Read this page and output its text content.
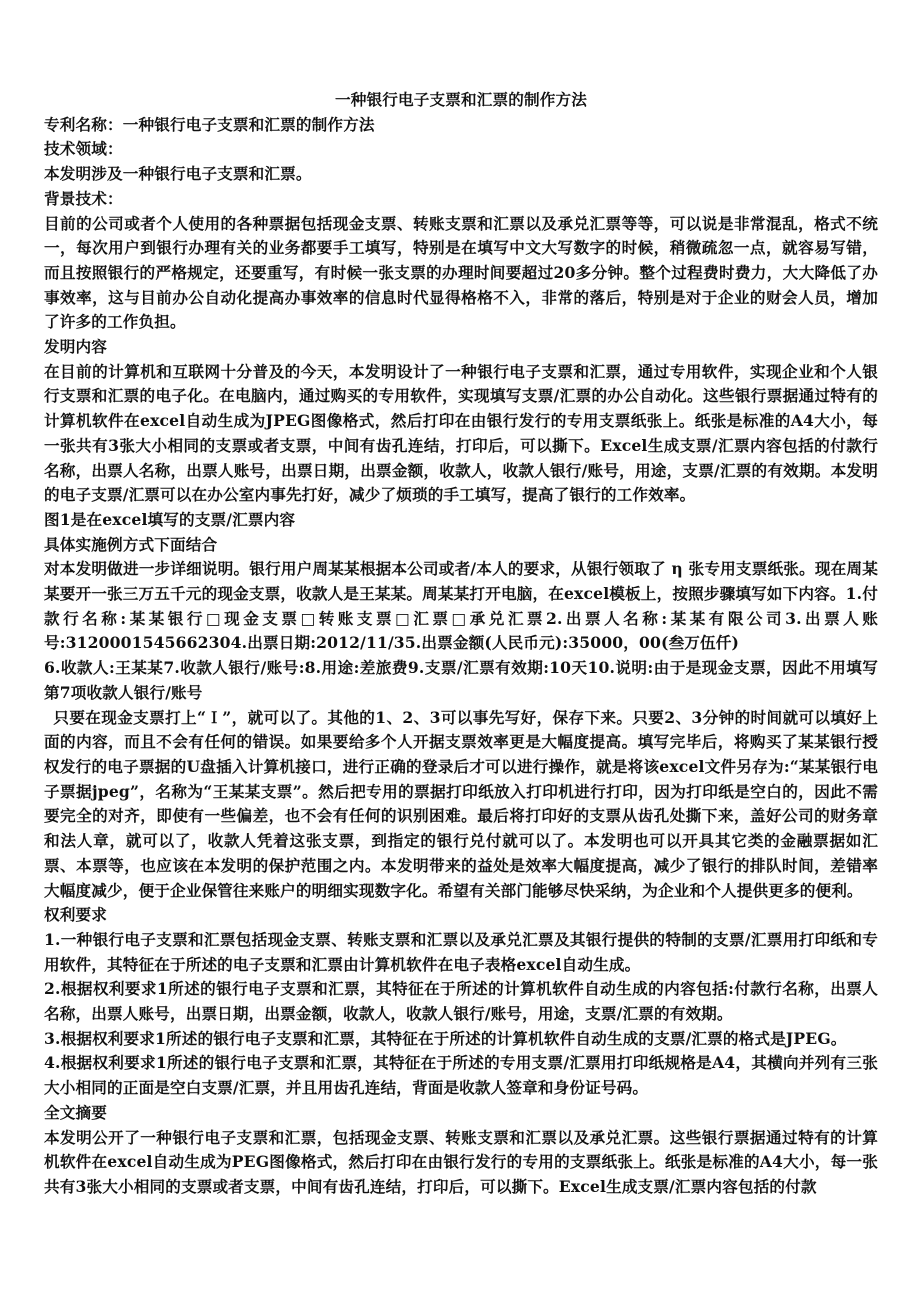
一种银行电子支票和汇票的制作方法

专利名称：一种银行电子支票和汇票的制作方法

技术领域：

本发明涉及一种银行电子支票和汇票。

背景技术：

目前的公司或者个人使用的各种票据包括现金支票、转账支票和汇票以及承兑汇票等等，可以说是非常混乱，格式不统一，每次用户到银行办理有关的业务都要手工填写，特别是在填写中文大写数字的时候，稍微疏忽一点，就容易写错，而且按照银行的严格规定，还要重写，有时候一张支票的办理时间要超过20多分钟。整个过程费时费力，大大降低了办事效率，这与目前办公自动化提高办事效率的信息时代显得格格不入，非常的落后，特别是对于企业的财会人员，增加了许多的工作负担。

发明内容

在目前的计算机和互联网十分普及的今天，本发明设计了一种银行电子支票和汇票，通过专用软件，实现企业和个人银行支票和汇票的电子化。在电脑内，通过购买的专用软件，实现填写支票/汇票的办公自动化。这些银行票据通过特有的计算机软件在excel自动生成为JPEG图像格式，然后打印在由银行发行的专用支票纸张上。纸张是标准的A4大小，每一张共有3张大小相同的支票或者支票，中间有齿孔连结，打印后，可以撕下。Excel生成支票/汇票内容包括的付款行名称，出票人名称，出票人账号，出票日期，出票金额，收款人，收款人银行/账号，用途，支票/汇票的有效期。本发明的电子支票/汇票可以在办公室内事先打好，减少了烦琐的手工填写，提高了银行的工作效率。

图1是在excel填写的支票/汇票内容

具体实施例方式下面结合

对本发明做进一步详细说明。银行用户周某某根据本公司或者/本人的要求，从银行领取了 η 张专用支票纸张。现在周某某要开一张三万五千元的现金支票，收款人是王某某。周某某打开电脑，在excel模板上，按照步骤填写如下内容。1.付款行名称:某某银行□现金支票□转账支票□汇票□承兑汇票2.出票人名称:某某有限公司3.出票人账号:3120001545662304.出票日期:2012/11/35.出票金额(人民币元):35000，00(叁万伍仟)

6.收款人:王某某7.收款人银行/账号:8.用途:差旅费9.支票/汇票有效期:10天10.说明:由于是现金支票，因此不用填写第7项收款人银行/账号

只要在现金支票打上“Ｉ”，就可以了。其他的1、2、3可以事先写好，保存下来。只要2、3分钟的时间就可以填好上面的内容，而且不会有任何的错误。如果要给多个人开据支票效率更是大幅度提高。填写完毕后，将购买了某某银行授权发行的电子票据的U盘插入计算机接口，进行正确的登录后才可以进行操作，就是将该excel文件另存为:“某某银行电子票据jpeg”，名称为“王某某支票”。然后把专用的票据打印纸放入打印机进行打印，因为打印纸是空白的，因此不需要完全的对齐，即使有一些偏差，也不会有任何的识别困难。最后将打印好的支票从齿孔处撕下来，盖好公司的财务章和法人章，就可以了，收款人凭着这张支票，到指定的银行兑付就可以了。本发明也可以开具其它类的金融票据如汇票、本票等，也应该在本发明的保护范围之内。本发明带来的益处是效率大幅度提高，减少了银行的排队时间，差错率大幅度减少，便于企业保管往来账户的明细实现数字化。希望有关部门能够尽快采纳，为企业和个人提供更多的便利。

权利要求

1.一种银行电子支票和汇票包括现金支票、转账支票和汇票以及承兑汇票及其银行提供的特制的支票/汇票用打印纸和专用软件，其特征在于所述的电子支票和汇票由计算机软件在电子表格excel自动生成。

2.根据权利要求1所述的银行电子支票和汇票，其特征在于所述的计算机软件自动生成的内容包括:付款行名称，出票人名称，出票人账号，出票日期，出票金额，收款人，收款人银行/账号，用途，支票/汇票的有效期。

3.根据权利要求1所述的银行电子支票和汇票，其特征在于所述的计算机软件自动生成的支票/汇票的格式是JPEG。

4.根据权利要求1所述的银行电子支票和汇票，其特征在于所述的专用支票/汇票用打印纸规格是A4，其横向并列有三张大小相同的正面是空白支票/汇票，并且用齿孔连结，背面是收款人签章和身份证号码。

全文摘要

本发明公开了一种银行电子支票和汇票，包括现金支票、转账支票和汇票以及承兑汇票。这些银行票据通过特有的计算机软件在excel自动生成为PEG图像格式，然后打印在由银行发行的专用的支票纸张上。纸张是标准的A4大小，每一张共有3张大小相同的支票或者支票，中间有齿孔连结，打印后，可以撕下。Excel生成支票/汇票内容包括的付款
